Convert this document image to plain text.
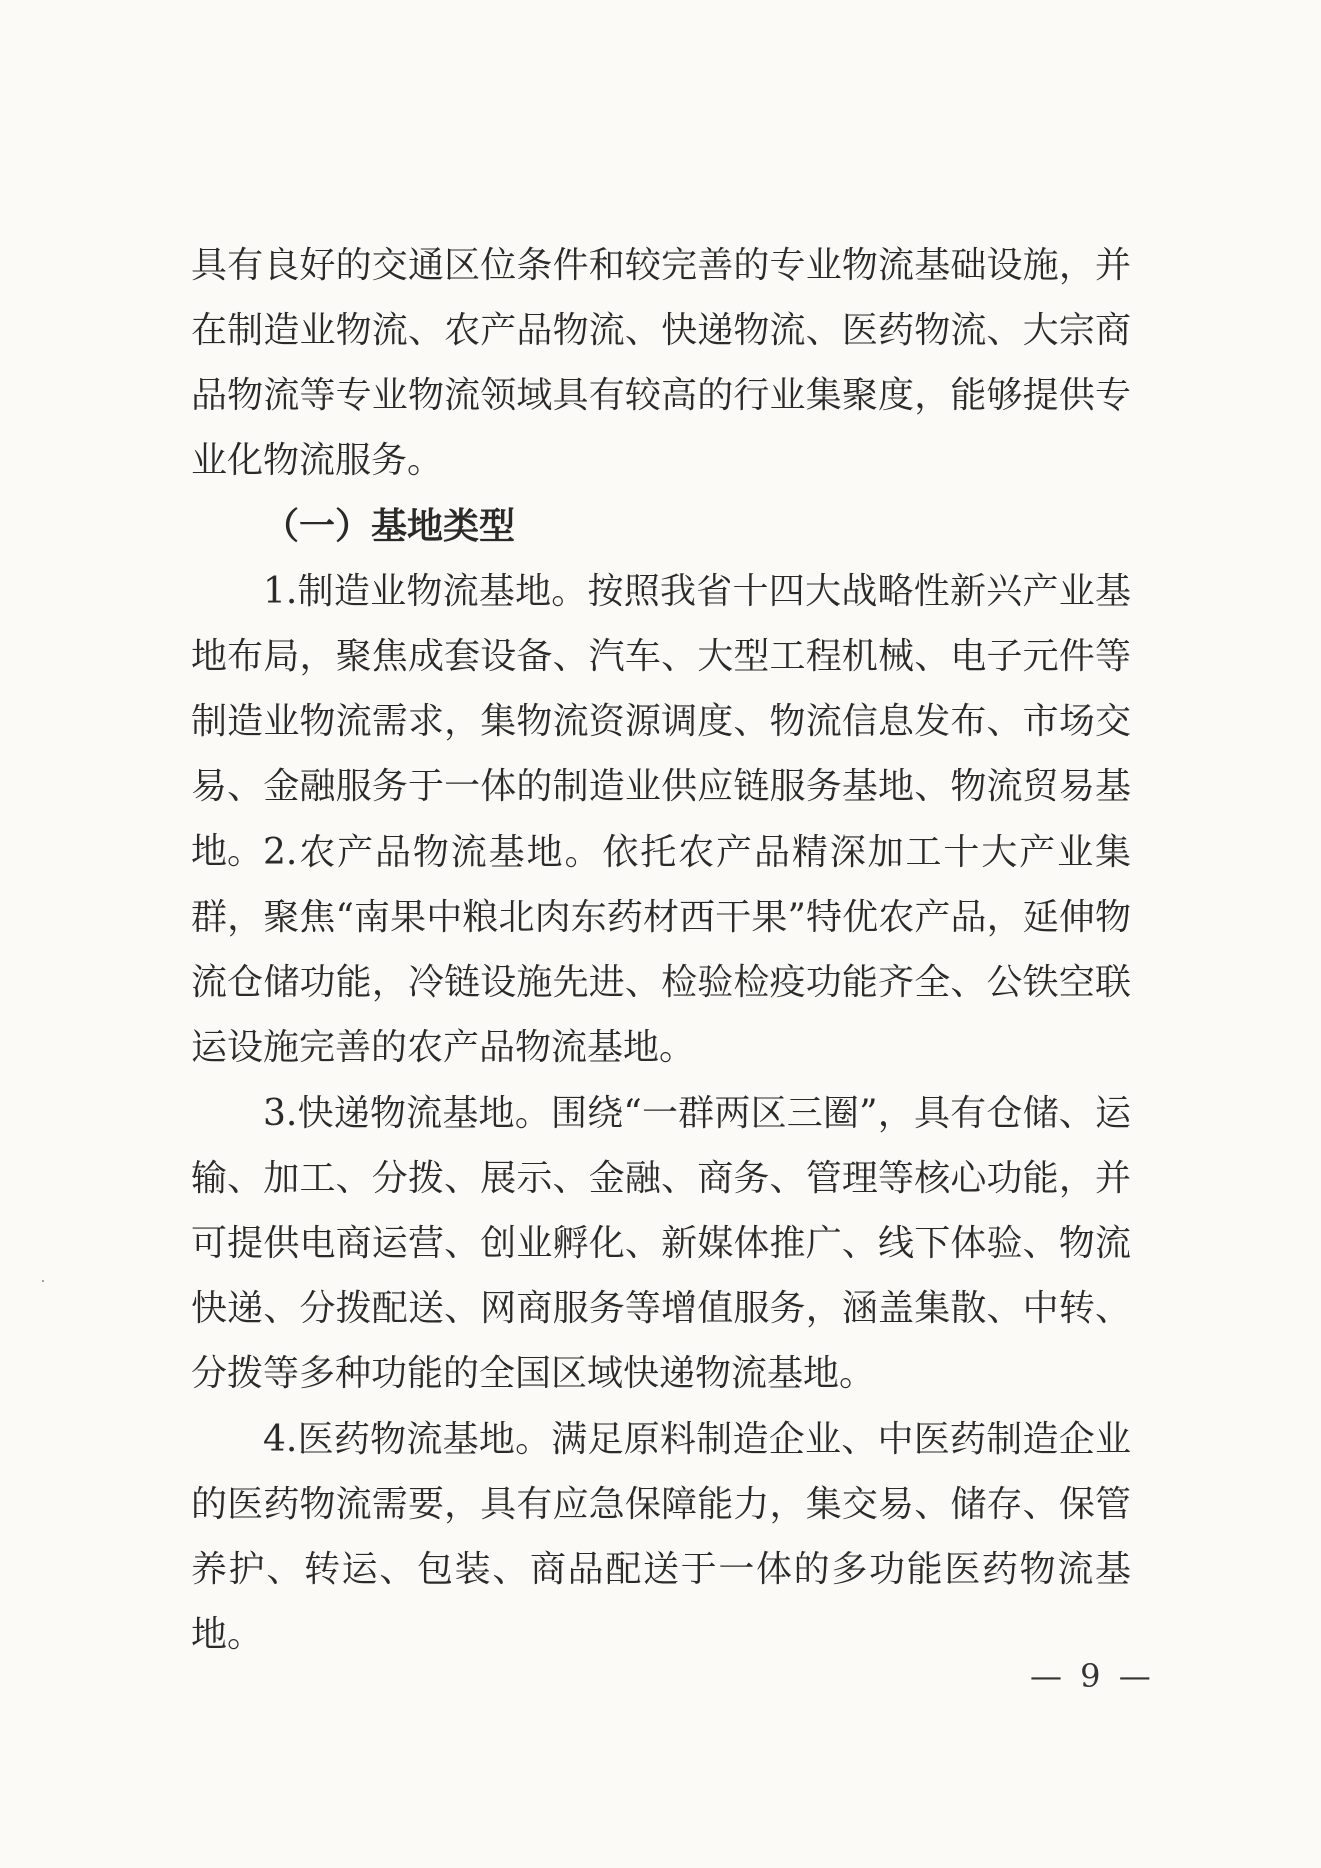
具有良好的交通区位条件和较完善的专业物流基础设施，并在制造业物流、农产品物流、快递物流、医药物流、大宗商品物流等专业物流领域具有较高的行业集聚度，能够提供专业化物流服务。

（一）基地类型

1.制造业物流基地。按照我省十四大战略性新兴产业基地布局，聚焦成套设备、汽车、大型工程机械、电子元件等制造业物流需求，集物流资源调度、物流信息发布、市场交易、金融服务于一体的制造业供应链服务基地、物流贸易基地。 2.农产品物流基地。依托农产品精深加工十大产业集群，聚焦“南果中粮北肉东药材西干果”特优农产品，延伸物流仓储功能，冷链设施先进、检验检疫功能齐全、公铁空联运设施完善的农产品物流基地。

3.快递物流基地。围绕“一群两区三圈”，具有仓储、运输、加工、分拨、展示、金融、商务、管理等核心功能，并可提供电商运营、创业孵化、新媒体推广、线下体验、物流快递、分拨配送、网商服务等增值服务，涵盖集散、中转、分拨等多种功能的全国区域快递物流基地。

4.医药物流基地。满足原料制造企业、中医药制造企业的医药物流需要，具有应急保障能力，集交易、储存、保管养护、转运、包装、商品配送于一体的多功能医药物流基地。

— 9 —
